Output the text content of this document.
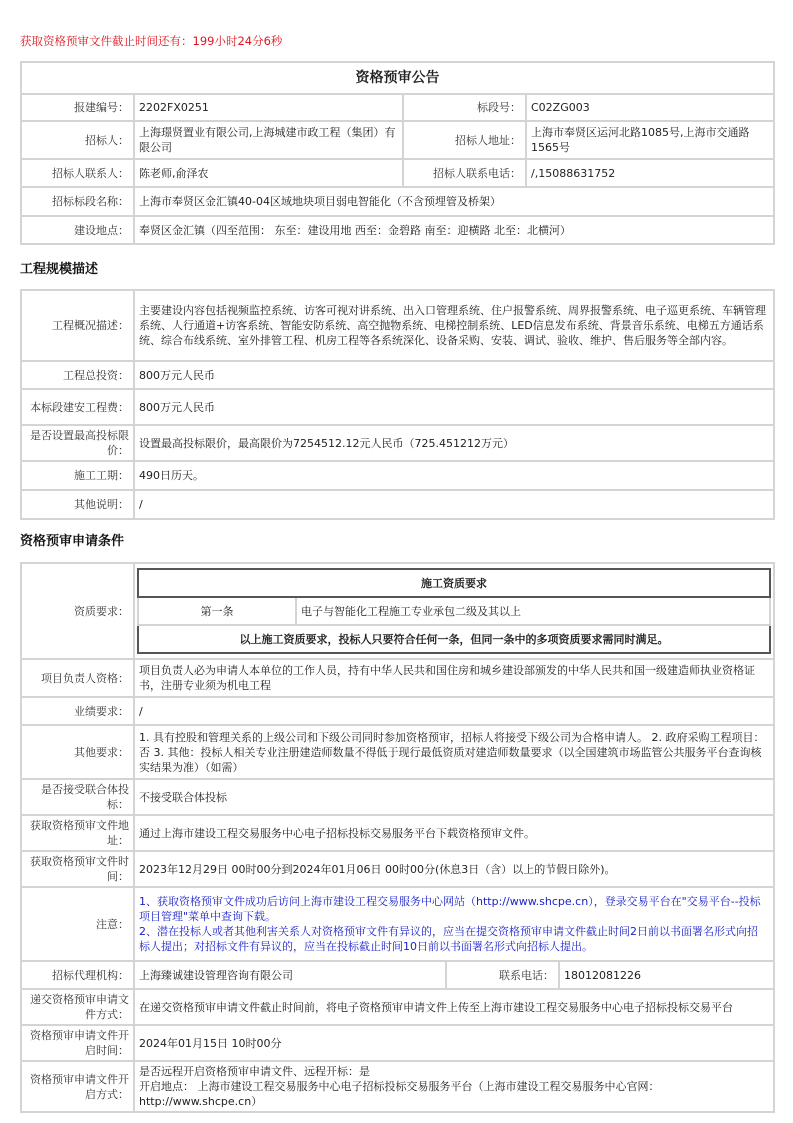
获取资格预审文件截止时间还有：199小时24分6秒
资格预审公告			
报建编号：	2202FX0251	标段号：	C02ZG003
招标人：	上海璟贤置业有限公司,上海城建市政工程（集团）有限公司	招标人地址：	上海市奉贤区运河北路1085号,上海市交通路1565号
招标人联系人：	陈老师,俞泽农	招标人联系电话：	/,15088631752
招标标段名称：	上海市奉贤区金汇镇40-04区域地块项目弱电智能化（不含预埋管及桥架）		
建设地点：	奉贤区金汇镇（四至范围： 东至：建设用地 西至：金碧路 南至：迎横路 北至：北横河）		
工程规模描述
工程概况描述：	主要建设内容包括视频监控系统、访客可视对讲系统、出入口管理系统、住户报警系统、周界报警系统、电子巡更系统、车辆管理系统、人行通道+访客系统、智能安防系统、高空抛物系统、电梯控制系统、LED信息发布系统、背景音乐系统、电梯五方通话系统、综合布线系统、室外排管工程、机房工程等各系统深化、设备采购、安装、调试、验收、维护、售后服务等全部内容。
工程总投资：	800万元人民币
本标段建安工程费：	800万元人民币
是否设置最高投标限价：	设置最高投标限价，最高限价为7254512.12元人民币（725.451212万元）
施工工期：	490日历天。
其他说明：	/
资格预审申请条件
资质要求：	
施工资质要求
第一条	电子与智能化工程施工专业承包二级及其以上
以上施工资质要求，投标人只要符合任何一条，但同一条中的多项资质要求需同时满足。

项目负责人资格：	项目负责人必为申请人本单位的工作人员，持有中华人民共和国住房和城乡建设部颁发的中华人民共和国一级建造师执业资格证书，注册专业须为机电工程
业绩要求：	/
其他要求：	1. 具有控股和管理关系的上级公司和下级公司同时参加资格预审，招标人将接受下级公司为合格申请人。 2. 政府采购工程项目： 否 3. 其他：投标人相关专业注册建造师数量不得低于现行最低资质对建造师数量要求（以全国建筑市场监管公共服务平台查询核实结果为准）（如需）
是否接受联合体投标：	不接受联合体投标
获取资格预审文件地址：	通过上海市建设工程交易服务中心电子招标投标交易服务平台下载资格预审文件。
获取资格预审文件时间：	2023年12月29日 00时00分到2024年01月06日 00时00分(休息3日（含）以上的节假日除外)。
注意：	
1、获取资格预审文件成功后访问上海市建设工程交易服务中心网站（http://www.shcpe.cn），登录交易平台在"交易平台--投标项目管理"菜单中查询下载。
2、潜在投标人或者其他利害关系人对资格预审文件有异议的，应当在提交资格预审申请文件截止时间2日前以书面署名形式向招标人提出；对招标文件有异议的，应当在投标截止时间10日前以书面署名形式向招标人提出。

招标代理机构：	上海臻诚建设管理咨询有限公司	联系电话：	18012081226
递交资格预审申请文件方式：	在递交资格预审申请文件截止时间前，将电子资格预审申请文件上传至上海市建设工程交易服务中心电子招标投标交易平台
资格预审申请文件开启时间：	2024年01月15日 10时00分
资格预审申请文件开启方式：	
是否远程开启资格预审申请文件、远程开标：是
开启地点： 上海市建设工程交易服务中心电子招标投标交易服务平台（上海市建设工程交易服务中心官网：http://www.shcpe.cn）
